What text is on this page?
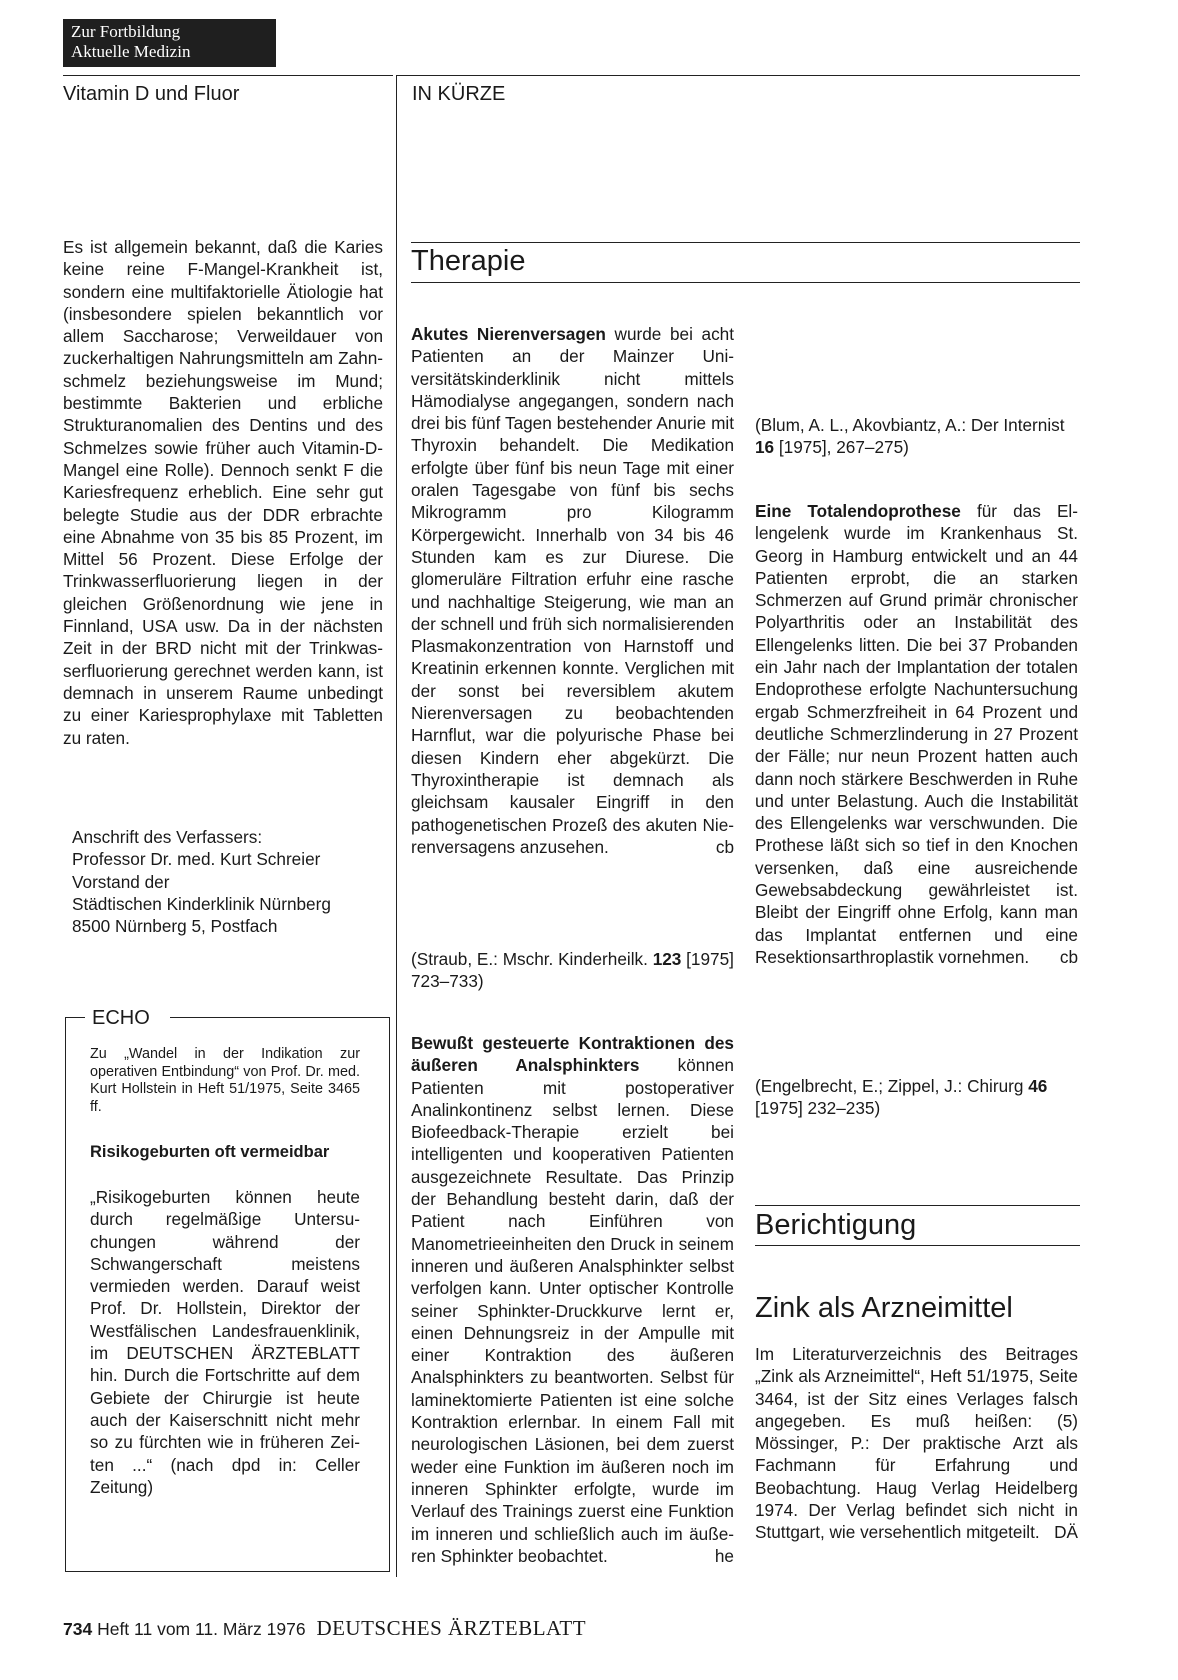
Zur Fortbildung
Aktuelle Medizin
Vitamin D und Fluor

Es ist allgemein bekannt, daß die Karies keine reine F-Mangel-Krankheit ist, sondern eine multifaktorielle Ätiologie hat (insbesondere spielen bekanntlich vor allem Saccharose; Verweildauer von zuckerhaltigen Nahrungsmitteln am Zahnschmelz beziehungsweise im Mund; bestimmte Bakterien und erbliche Strukturanomalien des Dentins und des Schmelzes sowie früher auch Vitamin-D-Mangel eine Rolle). Dennoch senkt F die Kariesfrequenz erheblich. Eine sehr gut belegte Studie aus der DDR erbrachte eine Abnahme von 35 bis 85 Prozent, im Mittel 56 Prozent. Diese Erfolge der Trinkwasserfluorierung liegen in der gleichen Größenordnung wie jene in Finnland, USA usw. Da in der nächsten Zeit in der BRD nicht mit der Trinkwasserfluorierung gerechnet werden kann, ist demnach in unserem Raume unbedingt zu einer Kariesprophylaxe mit Tabletten zu raten.

Anschrift des Verfassers:

Professor Dr. med. Kurt Schreier

Vorstand der

Städtischen Kinderklinik Nürnberg

8500 Nürnberg 5, Postfach

ECHO
Zu „Wandel in der Indikation zur operativen Entbindung“ von Prof. Dr. med. Kurt Hollstein in Heft 51/1975, Seite 3465 ff.
Risikogeburten oft vermeidbar
„Risikogeburten können heute durch regelmäßige Untersuchungen während der Schwangerschaft meistens vermieden werden. Darauf weist Prof. Dr. Hollstein, Direktor der Westfälischen Landesfrauenklinik, im DEUTSCHEN ÄRZTEBLATT hin. Durch die Fortschritte auf dem Gebiete der Chirurgie ist heute auch der Kaiserschnitt nicht mehr so zu fürchten wie in früheren Zeiten ...“ (nach dpd in: Celler Zeitung)
IN KÜRZE
Therapie

Akutes Nierenversagen wurde bei acht Patienten an der Mainzer Universitätskinderklinik nicht mittels Hämodialyse angegangen, sondern nach drei bis fünf Tagen bestehender Anurie mit Thyroxin behandelt. Die Medikation erfolgte über fünf bis neun Tage mit einer oralen Tagesgabe von fünf bis sechs Mikrogramm pro Kilogramm Körpergewicht. Innerhalb von 34 bis 46 Stunden kam es zur Diurese. Die glomeruläre Filtration erfuhr eine rasche und nachhaltige Steigerung, wie man an der schnell und früh sich normalisierenden Plasmakonzentration von Harnstoff und Kreatinin erkennen konnte. Verglichen mit der sonst bei reversiblem akutem Nierenversagen zu beobachtenden Harnflut, war die polyurische Phase bei diesen Kindern eher abgekürzt. Die Thyroxintherapie ist demnach als gleichsam kausaler Eingriff in den pathogenetischen Prozeß des akuten Nierenversagens anzusehen.	cb

(Straub, E.: Mschr. Kinderheilk. 123 [1975] 723–733)

Bewußt gesteuerte Kontraktionen des äußeren Analsphinkters können Patienten mit postoperativer Analinkontinenz selbst lernen. Diese Biofeedback-Therapie erzielt bei intelligenten und kooperativen Patienten ausgezeichnete Resultate. Das Prinzip der Behandlung besteht darin, daß der Patient nach Einführen von Manometrieeinheiten den Druck in seinem inneren und äußeren Analsphinkter selbst verfolgen kann. Unter optischer Kontrolle seiner Sphinkter-Druckkurve lernt er, einen Dehnungsreiz in der Ampulle mit einer Kontraktion des äußeren Analsphinkters zu beantworten. Selbst für laminektomierte Patienten ist eine solche Kontraktion erlernbar. In einem Fall mit neurologischen Läsionen, bei dem zuerst weder eine Funktion im äußeren noch im inneren Sphinkter erfolgte, wurde im Verlauf des Trainings zuerst eine Funktion im inneren und schließlich auch im äußeren Sphinkter beobachtet.	he

(Blum, A. L., Akovbiantz, A.: Der Internist 16 [1975], 267–275)

Eine Totalendoprothese für das Ellengelenk wurde im Krankenhaus St. Georg in Hamburg entwickelt und an 44 Patienten erprobt, die an starken Schmerzen auf Grund primär chronischer Polyarthritis oder an Instabilität des Ellengelenks litten. Die bei 37 Probanden ein Jahr nach der Implantation der totalen Endoprothese erfolgte Nachuntersuchung ergab Schmerzfreiheit in 64 Prozent und deutliche Schmerzlinderung in 27 Prozent der Fälle; nur neun Prozent hatten auch dann noch stärkere Beschwerden in Ruhe und unter Belastung. Auch die Instabilität des Ellengelenks war verschwunden. Die Prothese läßt sich so tief in den Knochen versenken, daß eine ausreichende Gewebsabdeckung gewährleistet ist. Bleibt der Eingriff ohne Erfolg, kann man das Implantat entfernen und eine Resektionsarthroplastik vornehmen. cb

(Engelbrecht, E.; Zippel, J.: Chirurg 46 [1975] 232–235)
Berichtigung
Zink als Arzneimittel

Im Literaturverzeichnis des Beitrages „Zink als Arzneimittel“, Heft 51/1975, Seite 3464, ist der Sitz eines Verlages falsch angegeben. Es muß heißen: (5) Mössinger, P.: Der praktische Arzt als Fachmann für Erfahrung und Beobachtung. Haug Verlag Heidelberg 1974. Der Verlag befindet sich nicht in Stuttgart, wie versehentlich mitgeteilt. DÄ

734 Heft 11 vom 11. März 1976 DEUTSCHES ÄRZTEBLATT
